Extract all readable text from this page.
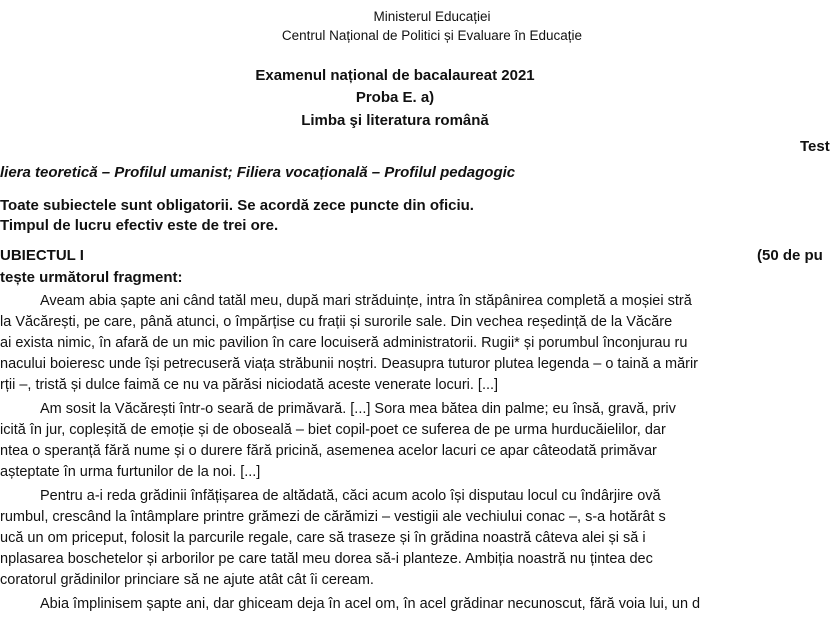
Ministerul Educației
Centrul Național de Politici și Evaluare în Educație
Examenul național de bacalaureat 2021
Proba E. a)
Limba şi literatura română
Test
liera teoretică – Profilul umanist; Filiera vocațională – Profilul pedagogic
Toate subiectele sunt obligatorii. Se acordă zece puncte din oficiu.
Timpul de lucru efectiv este de trei ore.
UBIECTUL I	(50 de pu
tește următorul fragment:
Aveam abia șapte ani când tatăl meu, după mari străduințe, intra în stăpânirea completă a moșiei stră
la Văcărești, pe care, până atunci, o împărțise cu frații și surorile sale. Din vechea reședință de la Văcăre
ai exista nimic, în afară de un mic pavilion în care locuiseră administratorii. Rugii* și porumbul înconjurau ru
nacului boieresc unde își petrecuseră viața străbunii noștri. Deasupra tuturor plutea legenda – o taină a mărir
rții –, tristă și dulce faimă ce nu va părăsi niciodată aceste venerate locuri. [...]
Am sosit la Văcărești într-o seară de primăvară. [...] Sora mea bătea din palme; eu însă, gravă, priv
icită în jur, copleșită de emoție și de oboseală – biet copil-poet ce suferea de pe urma hurducăielilor, dar
ntea o speranță fără nume și o durere fără pricină, asemenea acelor lacuri ce apar câteodată primăvar
așteptate în urma furtunilor de la noi. [...]
Pentru a-i reda grădinii înfățișarea de altădată, căci acum acolo își disputau locul cu îndârjire ovă
rumbul, crescând la întâmplare printre grămezi de cărămizi – vestigii ale vechiului conac –, s-a hotărât s
ucă un om priceput, folosit la parcurile regale, care să traseze și în grădina noastră câteva alei și să i
nplasarea boschetelor și arborilor pe care tatăl meu dorea să-i planteze. Ambiția noastră nu țintea dec
coratorul grădinilor princiare să ne ajute atât cât îi ceream.
Abia împlinisem șapte ani, dar ghiceam deja în acel om, în acel grădinar necunoscut, fără voia lui, un d
